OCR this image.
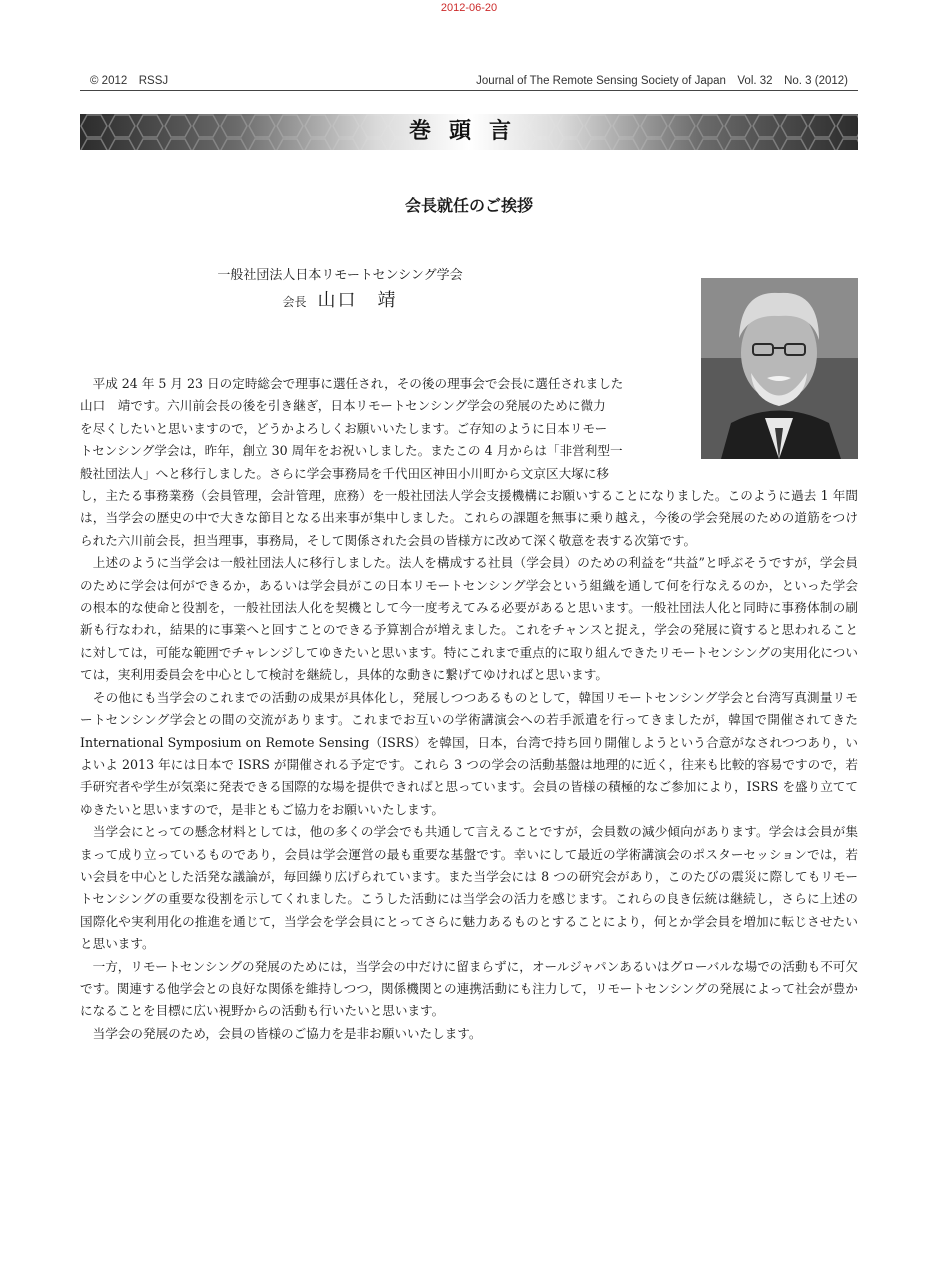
2012-06-20
© 2012　RSSJ	Journal of The Remote Sensing Society of Japan　Vol. 32　No. 3 (2012)
巻頭言
会長就任のご挨拶
一般社団法人日本リモートセンシング学会
会長 山口　靖

　平成 24 年 5 月 23 日の定時総会で理事に選任され，その後の理事会で会長に選任されました
山口　靖です。六川前会長の後を引き継ぎ，日本リモートセンシング学会の発展のために微力
を尽くしたいと思いますので，どうかよろしくお願いいたします。ご存知のように日本リモー
トセンシング学会は，昨年，創立 30 周年をお祝いしました。またこの 4 月からは「非営利型一
般社団法人」へと移行しました。さらに学会事務局を千代田区神田小川町から文京区大塚に移
し，主たる事務業務（会員管理，会計管理，庶務）を一般社団法人学会支援機構にお願いすることになりました。このように過去 1 年間は，当学会の歴史の中で大きな節目となる出来事が集中しました。これらの課題を無事に乗り越え，今後の学会発展のための道筋をつけられた六川前会長，担当理事，事務局，そして関係された会員の皆様方に改めて深く敬意を表する次第です。

　上述のように当学会は一般社団法人に移行しました。法人を構成する社員（学会員）のための利益を“共益”と呼ぶそうですが，学会員のために学会は何ができるか，あるいは学会員がこの日本リモートセンシング学会という組織を通して何を行なえるのか，といった学会の根本的な使命と役割を，一般社団法人化を契機として今一度考えてみる必要があると思います。一般社団法人化と同時に事務体制の刷新も行なわれ，結果的に事業へと回すことのできる予算割合が増えました。これをチャンスと捉え，学会の発展に資すると思われることに対しては，可能な範囲でチャレンジしてゆきたいと思います。特にこれまで重点的に取り組んできたリモートセンシングの実用化については，実利用委員会を中心として検討を継続し，具体的な動きに繋げてゆければと思います。

　その他にも当学会のこれまでの活動の成果が具体化し，発展しつつあるものとして，韓国リモートセンシング学会と台湾写真測量リモートセンシング学会との間の交流があります。これまでお互いの学術講演会への若手派遣を行ってきましたが，韓国で開催されてきた International Symposium on Remote Sensing（ISRS）を韓国，日本，台湾で持ち回り開催しようという合意がなされつつあり，いよいよ 2013 年には日本で ISRS が開催される予定です。これら 3 つの学会の活動基盤は地理的に近く，往来も比較的容易ですので，若手研究者や学生が気楽に発表できる国際的な場を提供できればと思っています。会員の皆様の積極的なご参加により，ISRS を盛り立ててゆきたいと思いますので，是非ともご協力をお願いいたします。

　当学会にとっての懸念材料としては，他の多くの学会でも共通して言えることですが，会員数の減少傾向があります。学会は会員が集まって成り立っているものであり，会員は学会運営の最も重要な基盤です。幸いにして最近の学術講演会のポスターセッションでは，若い会員を中心とした活発な議論が，毎回繰り広げられています。また当学会には 8 つの研究会があり，このたびの震災に際してもリモートセンシングの重要な役割を示してくれました。こうした活動には当学会の活力を感じます。これらの良き伝統は継続し，さらに上述の国際化や実利用化の推進を通じて，当学会を学会員にとってさらに魅力あるものとすることにより，何とか学会員を増加に転じさせたいと思います。

　一方，リモートセンシングの発展のためには，当学会の中だけに留まらずに，オールジャパンあるいはグローバルな場での活動も不可欠です。関連する他学会との良好な関係を維持しつつ，関係機関との連携活動にも注力して，リモートセンシングの発展によって社会が豊かになることを目標に広い視野からの活動も行いたいと思います。

　当学会の発展のため，会員の皆様のご協力を是非お願いいたします。
